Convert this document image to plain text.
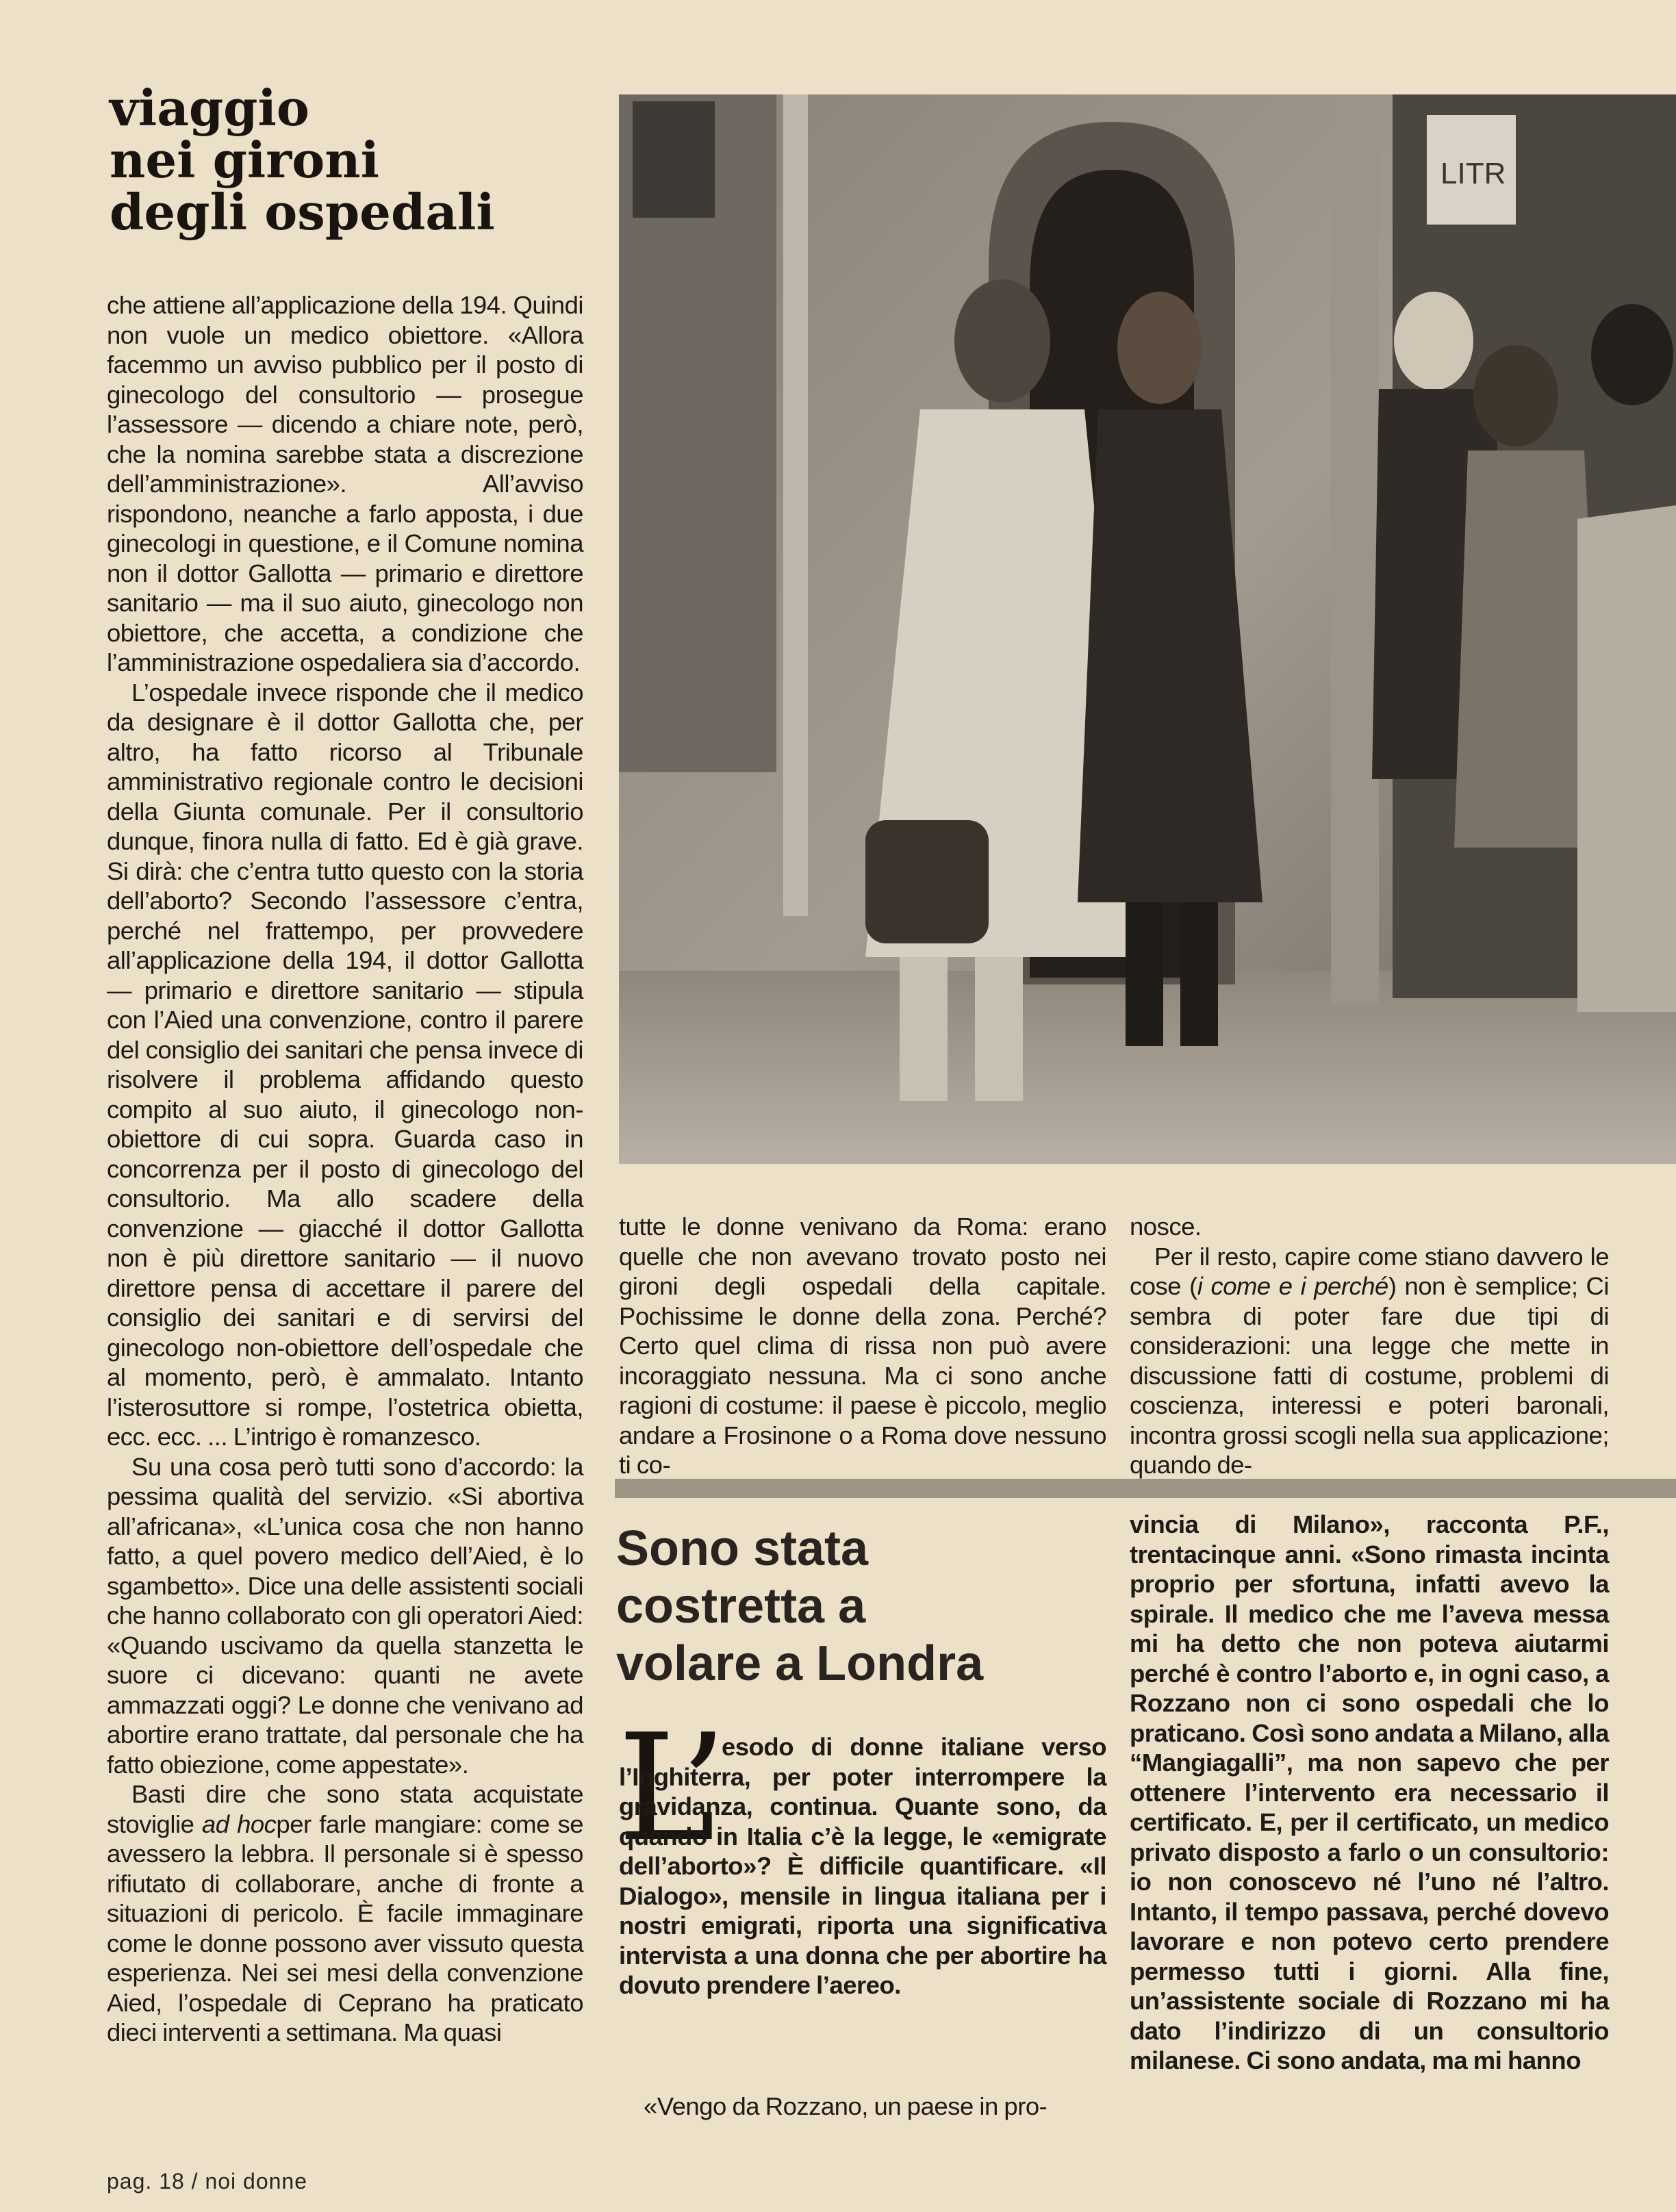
viaggio
nei gironi
degli ospedali
LITR

che attiene all’applicazione della 194. Quindi non vuole un medico obiettore. «Allora facemmo un avviso pubblico per il posto di ginecologo del consultorio — prosegue l’assessore — dicendo a chiare note, però, che la nomina sarebbe stata a discrezione dell’amministrazione». All’avviso rispondono, neanche a farlo apposta, i due ginecologi in questione, e il Comune nomina non il dottor Gallotta — primario e direttore sanitario — ma il suo aiuto, ginecologo non obiettore, che accetta, a condizione che l’amministrazione ospedaliera sia d’accordo.

L’ospedale invece risponde che il medico da designare è il dottor Gallotta che, per altro, ha fatto ricorso al Tribunale amministrativo regionale contro le decisioni della Giunta comunale. Per il consultorio dunque, finora nulla di fatto. Ed è già grave. Si dirà: che c’entra tutto questo con la storia dell’aborto? Secondo l’assessore c’entra, perché nel frattempo, per provvedere all’applicazione della 194, il dottor Gallotta — primario e direttore sanitario — stipula con l’Aied una convenzione, contro il parere del consiglio dei sanitari che pensa invece di risolvere il problema affidando questo compito al suo aiuto, il ginecologo non-obiettore di cui sopra. Guarda caso in concorrenza per il posto di ginecologo del consultorio. Ma allo scadere della convenzione — giacché il dottor Gallotta non è più direttore sanitario — il nuovo direttore pensa di accettare il parere del consiglio dei sanitari e di servirsi del ginecologo non-obiettore dell’ospedale che al momento, però, è ammalato. Intanto l’isterosuttore si rompe, l’ostetrica obietta, ecc. ecc. ... L’intrigo è romanzesco.

Su una cosa però tutti sono d’accordo: la pessima qualità del servizio. «Si abortiva all’africana», «L’unica cosa che non hanno fatto, a quel povero medico dell’Aied, è lo sgambetto». Dice una delle assistenti sociali che hanno collaborato con gli operatori Aied: «Quando uscivamo da quella stanzetta le suore ci dicevano: quanti ne avete ammazzati oggi? Le donne che venivano ad abortire erano trattate, dal personale che ha fatto obiezione, come appestate».

Basti dire che sono stata acquistate stoviglie ad hocper farle mangiare: come se avessero la lebbra. Il personale si è spesso rifiutato di collaborare, anche di fronte a situazioni di pericolo. È facile immaginare come le donne possono aver vissuto questa esperienza. Nei sei mesi della convenzione Aied, l’ospedale di Ceprano ha praticato dieci interventi a settimana. Ma quasi

tutte le donne venivano da Roma: erano quelle che non avevano trovato posto nei gironi degli ospedali della capitale. Pochissime le donne della zona. Perché? Certo quel clima di rissa non può avere incoraggiato nessuna. Ma ci sono anche ragioni di costume: il paese è piccolo, meglio andare a Frosinone o a Roma dove nessuno ti co-

nosce.

Per il resto, capire come stiano davvero le cose (i come e i perché) non è semplice; Ci sembra di poter fare due tipi di considerazioni: una legge che mette in discussione fatti di costume, problemi di coscienza, interessi e poteri baronali, incontra grossi scogli nella sua applicazione; quando de-

Sono stata
costretta a
volare a Londra
L’

esodo di donne italiane verso l’Inghiterra, per poter interrompere la gravidanza, continua. Quante sono, da quando in Italia c’è la legge, le «emigrate dell’aborto»? È difficile quantificare. «Il Dialogo», mensile in lingua italiana per i nostri emigrati, riporta una significativa intervista a una donna che per abortire ha dovuto prendere l’aereo.

«Vengo da Rozzano, un paese in pro-

vincia di Milano», racconta P.F., trentacinque anni. «Sono rimasta incinta proprio per sfortuna, infatti avevo la spirale. Il medico che me l’aveva messa mi ha detto che non poteva aiutarmi perché è contro l’aborto e, in ogni caso, a Rozzano non ci sono ospedali che lo praticano. Così sono andata a Milano, alla “Mangiagalli”, ma non sapevo che per ottenere l’intervento era necessario il certificato. E, per il certificato, un medico privato disposto a farlo o un consultorio: io non conoscevo né l’uno né l’altro. Intanto, il tempo passava, perché dovevo lavorare e non potevo certo prendere permesso tutti i giorni. Alla fine, un’assistente sociale di Rozzano mi ha dato l’indirizzo di un consultorio milanese. Ci sono andata, ma mi hanno

pag. 18 / noi donne
